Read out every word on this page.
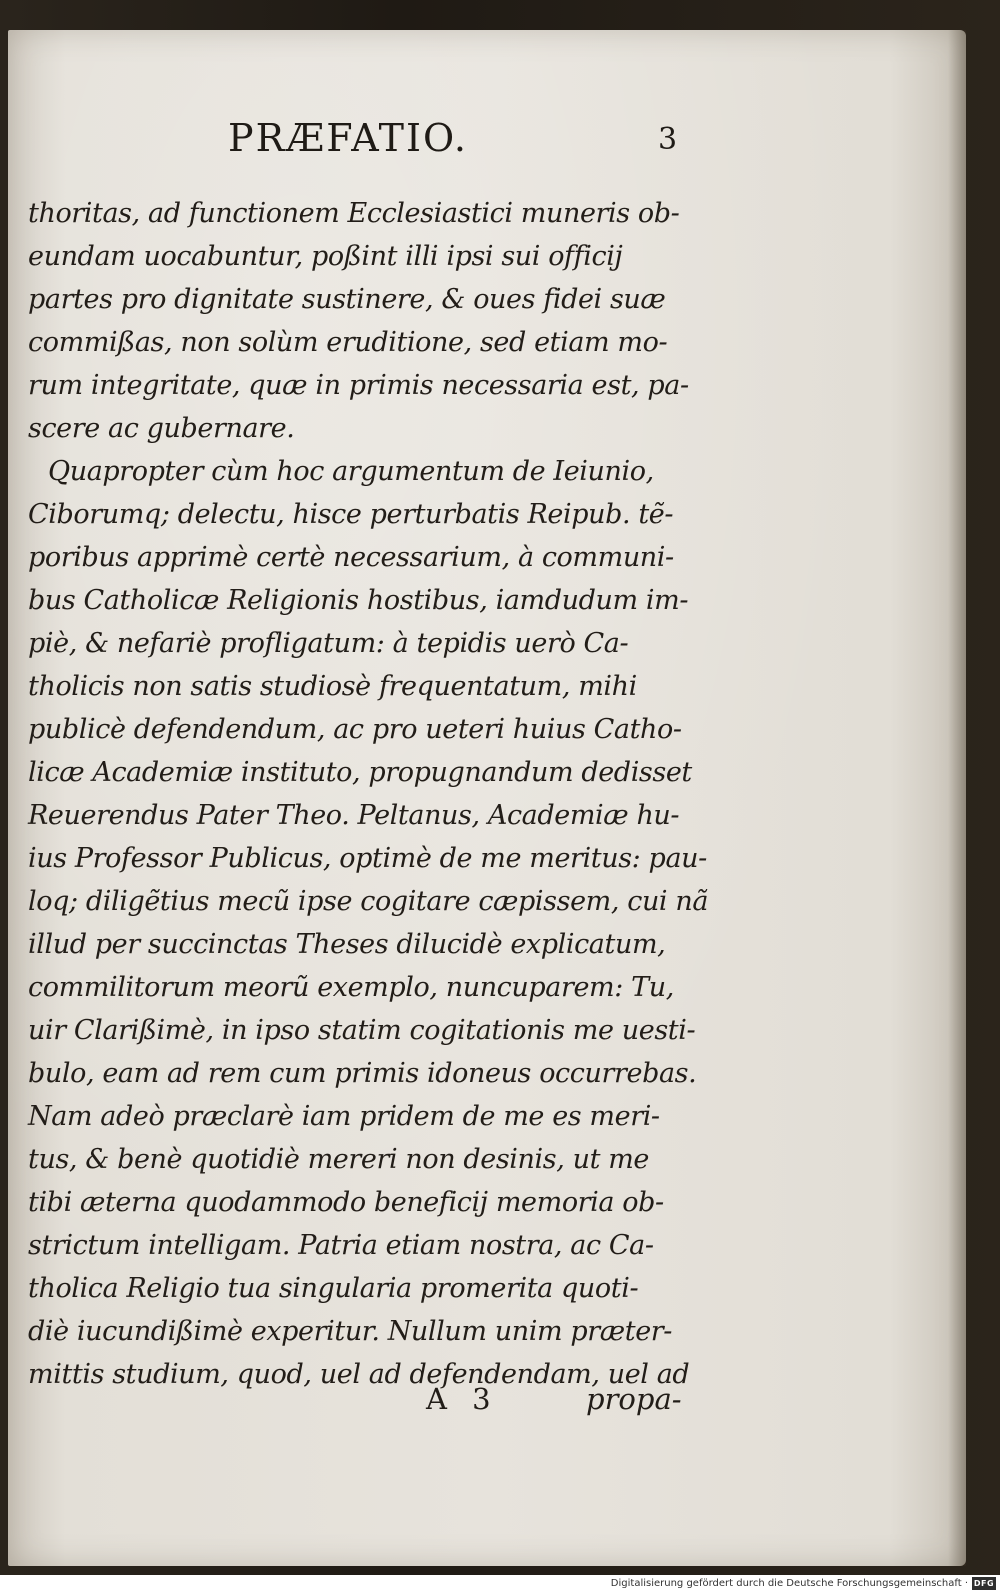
PRÆFATIO.	3
thoritas, ad functionem Ecclesiastici muneris ob-
eundam uocabuntur, poßint illi ipsi sui officij
partes pro dignitate sustinere, & oues fidei suæ
commißas, non solùm eruditione, sed etiam mo-
rum integritate, quæ in primis necessaria est, pa-
scere ac gubernare.
Quapropter cùm hoc argumentum de Ieiunio,
Ciborumq; delectu, hisce perturbatis Reipub. tẽ-
poribus apprimè certè necessarium, à communi-
bus Catholicæ Religionis hostibus, iamdudum im-
piè, & nefariè profligatum: à tepidis uerò Ca-
tholicis non satis studiosè frequentatum, mihi
publicè defendendum, ac pro ueteri huius Catho-
licæ Academiæ instituto, propugnandum dedisset
Reuerendus Pater Theo. Peltanus, Academiæ hu-
ius Professor Publicus, optimè de me meritus: pau-
loq; diligẽtius mecũ ipse cogitare cæpissem, cui nã
illud per succinctas Theses dilucidè explicatum,
commilitorum meorũ exemplo, nuncuparem: Tu,
uir Clarißimè, in ipso statim cogitationis me uesti-
bulo, eam ad rem cum primis idoneus occurrebas.
Nam adeò præclarè iam pridem de me es meri-
tus, & benè quotidiè mereri non desinis, ut me
tibi æterna quodammodo beneficij memoria ob-
strictum intelligam. Patria etiam nostra, ac Ca-
tholica Religio tua singularia promerita quoti-
diè iucundißimè experitur. Nullum unim præter-
mittis studium, quod, uel ad defendendam, uel ad
A 3	propa-
Digitalisierung gefördert durch die Deutsche Forschungsgemeinschaft · DFG
